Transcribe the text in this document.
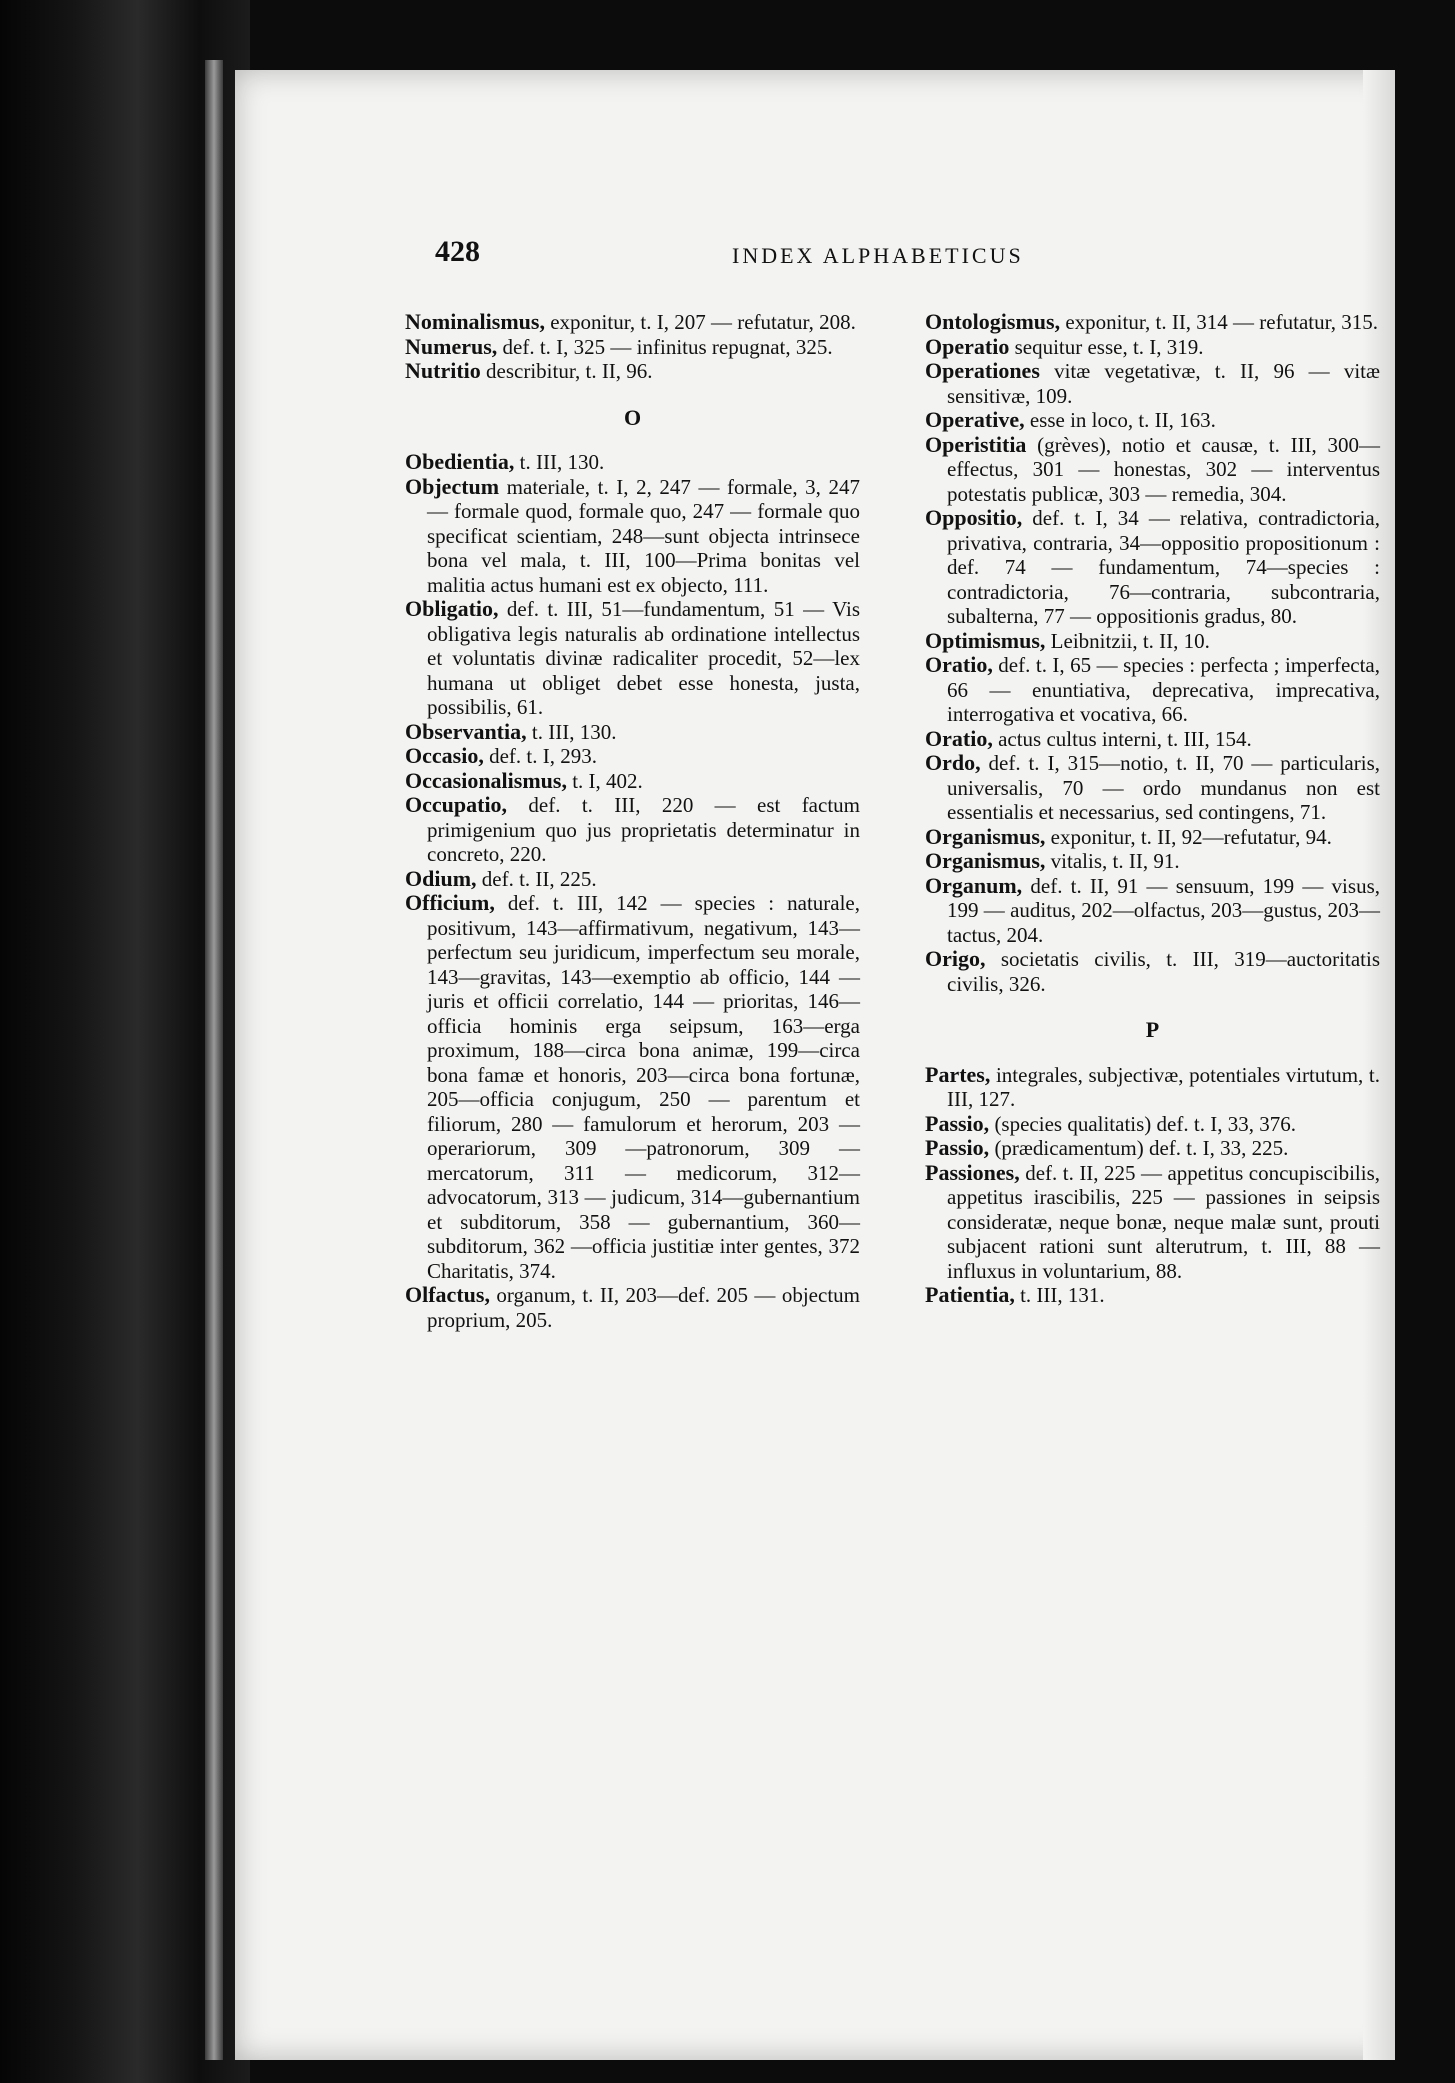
428	INDEX ALPHABETICUS

Nominalismus, exponitur, t. I, 207 — refutatur, 208.

Numerus, def. t. I, 325 — infinitus repugnat, 325.

Nutritio describitur, t. II, 96.

O

Obedientia, t. III, 130.

Objectum materiale, t. I, 2, 247 — formale, 3, 247 — formale quod, formale quo, 247 — formale quo specificat scientiam, 248—sunt objecta intrinsece bona vel mala, t. III, 100—Prima bonitas vel malitia actus humani est ex objecto, 111.

Obligatio, def. t. III, 51—fundamentum, 51 — Vis obligativa legis naturalis ab ordinatione intellectus et voluntatis divinæ radicaliter procedit, 52—lex humana ut obliget debet esse honesta, justa, possibilis, 61.

Observantia, t. III, 130.

Occasio, def. t. I, 293.

Occasionalismus, t. I, 402.

Occupatio, def. t. III, 220 — est factum primigenium quo jus proprietatis determinatur in concreto, 220.

Odium, def. t. II, 225.

Officium, def. t. III, 142 — species : naturale, positivum, 143—affirmativum, negativum, 143—perfectum seu juridicum, imperfectum seu morale, 143—gravitas, 143—exemptio ab officio, 144 — juris et officii correlatio, 144 — prioritas, 146—officia hominis erga seipsum, 163—erga proximum, 188—circa bona animæ, 199—circa bona famæ et honoris, 203—circa bona fortunæ, 205—officia conjugum, 250 — parentum et filiorum, 280 — famulorum et herorum, 203 — operariorum, 309 —patronorum, 309 — mercatorum, 311 — medicorum, 312—advocatorum, 313 — judicum, 314—gubernantium et subditorum, 358 — gubernantium, 360—subditorum, 362 —officia justitiæ inter gentes, 372 Charitatis, 374.

Olfactus, organum, t. II, 203—def. 205 — objectum proprium, 205.

Ontologismus, exponitur, t. II, 314 — refutatur, 315.

Operatio sequitur esse, t. I, 319.

Operationes vitæ vegetativæ, t. II, 96 — vitæ sensitivæ, 109.

Operative, esse in loco, t. II, 163.

Operistitia (grèves), notio et causæ, t. III, 300—effectus, 301 — honestas, 302 — interventus potestatis publicæ, 303 — remedia, 304.

Oppositio, def. t. I, 34 — relativa, contradictoria, privativa, contraria, 34—oppositio propositionum : def. 74 — fundamentum, 74—species : contradictoria, 76—contraria, subcontraria, subalterna, 77 — oppositionis gradus, 80.

Optimismus, Leibnitzii, t. II, 10.

Oratio, def. t. I, 65 — species : perfecta ; imperfecta, 66 — enuntiativa, deprecativa, imprecativa, interrogativa et vocativa, 66.

Oratio, actus cultus interni, t. III, 154.

Ordo, def. t. I, 315—notio, t. II, 70 — particularis, universalis, 70 — ordo mundanus non est essentialis et necessarius, sed contingens, 71.

Organismus, exponitur, t. II, 92—refutatur, 94.

Organismus, vitalis, t. II, 91.

Organum, def. t. II, 91 — sensuum, 199 — visus, 199 — auditus, 202—olfactus, 203—gustus, 203—tactus, 204.

Origo, societatis civilis, t. III, 319—auctoritatis civilis, 326.

P

Partes, integrales, subjectivæ, potentiales virtutum, t. III, 127.

Passio, (species qualitatis) def. t. I, 33, 376.

Passio, (prædicamentum) def. t. I, 33, 225.

Passiones, def. t. II, 225 — appetitus concupiscibilis, appetitus irascibilis, 225 — passiones in seipsis consideratæ, neque bonæ, neque malæ sunt, prouti subjacent rationi sunt alterutrum, t. III, 88 — influxus in voluntarium, 88.

Patientia, t. III, 131.
